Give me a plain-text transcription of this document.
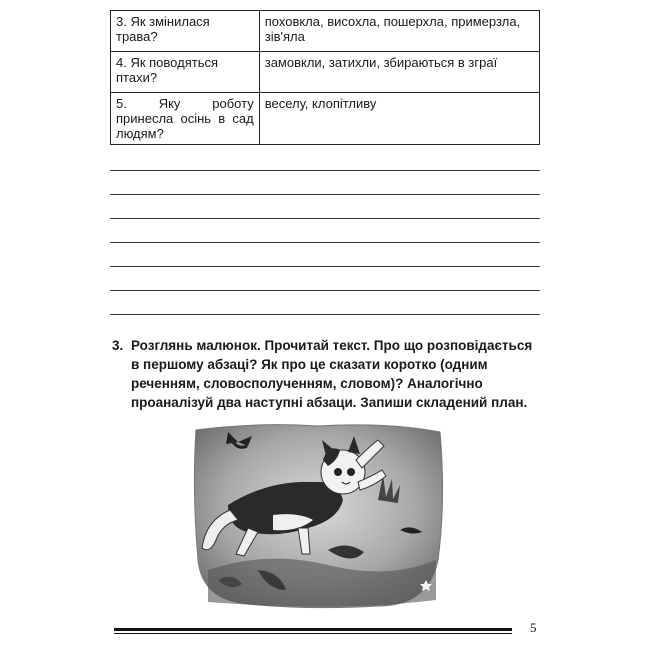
3. Як змінилася трава?	поховкла, висохла, пошерхла, примерзла, зів'яла
4. Як поводяться птахи?	замовкли, затихли, збираються в зграї
5. Яку роботу принесла осінь в сад людям?	веселу, клопітливу
3. Розглянь малюнок. Прочитай текст. Про що розповідається в першому абзаці? Як про це сказати коротко (одним реченням, словосполученням, словом)? Аналогічно проаналізуй два наступні абзаци. Запиши складений план.
5
